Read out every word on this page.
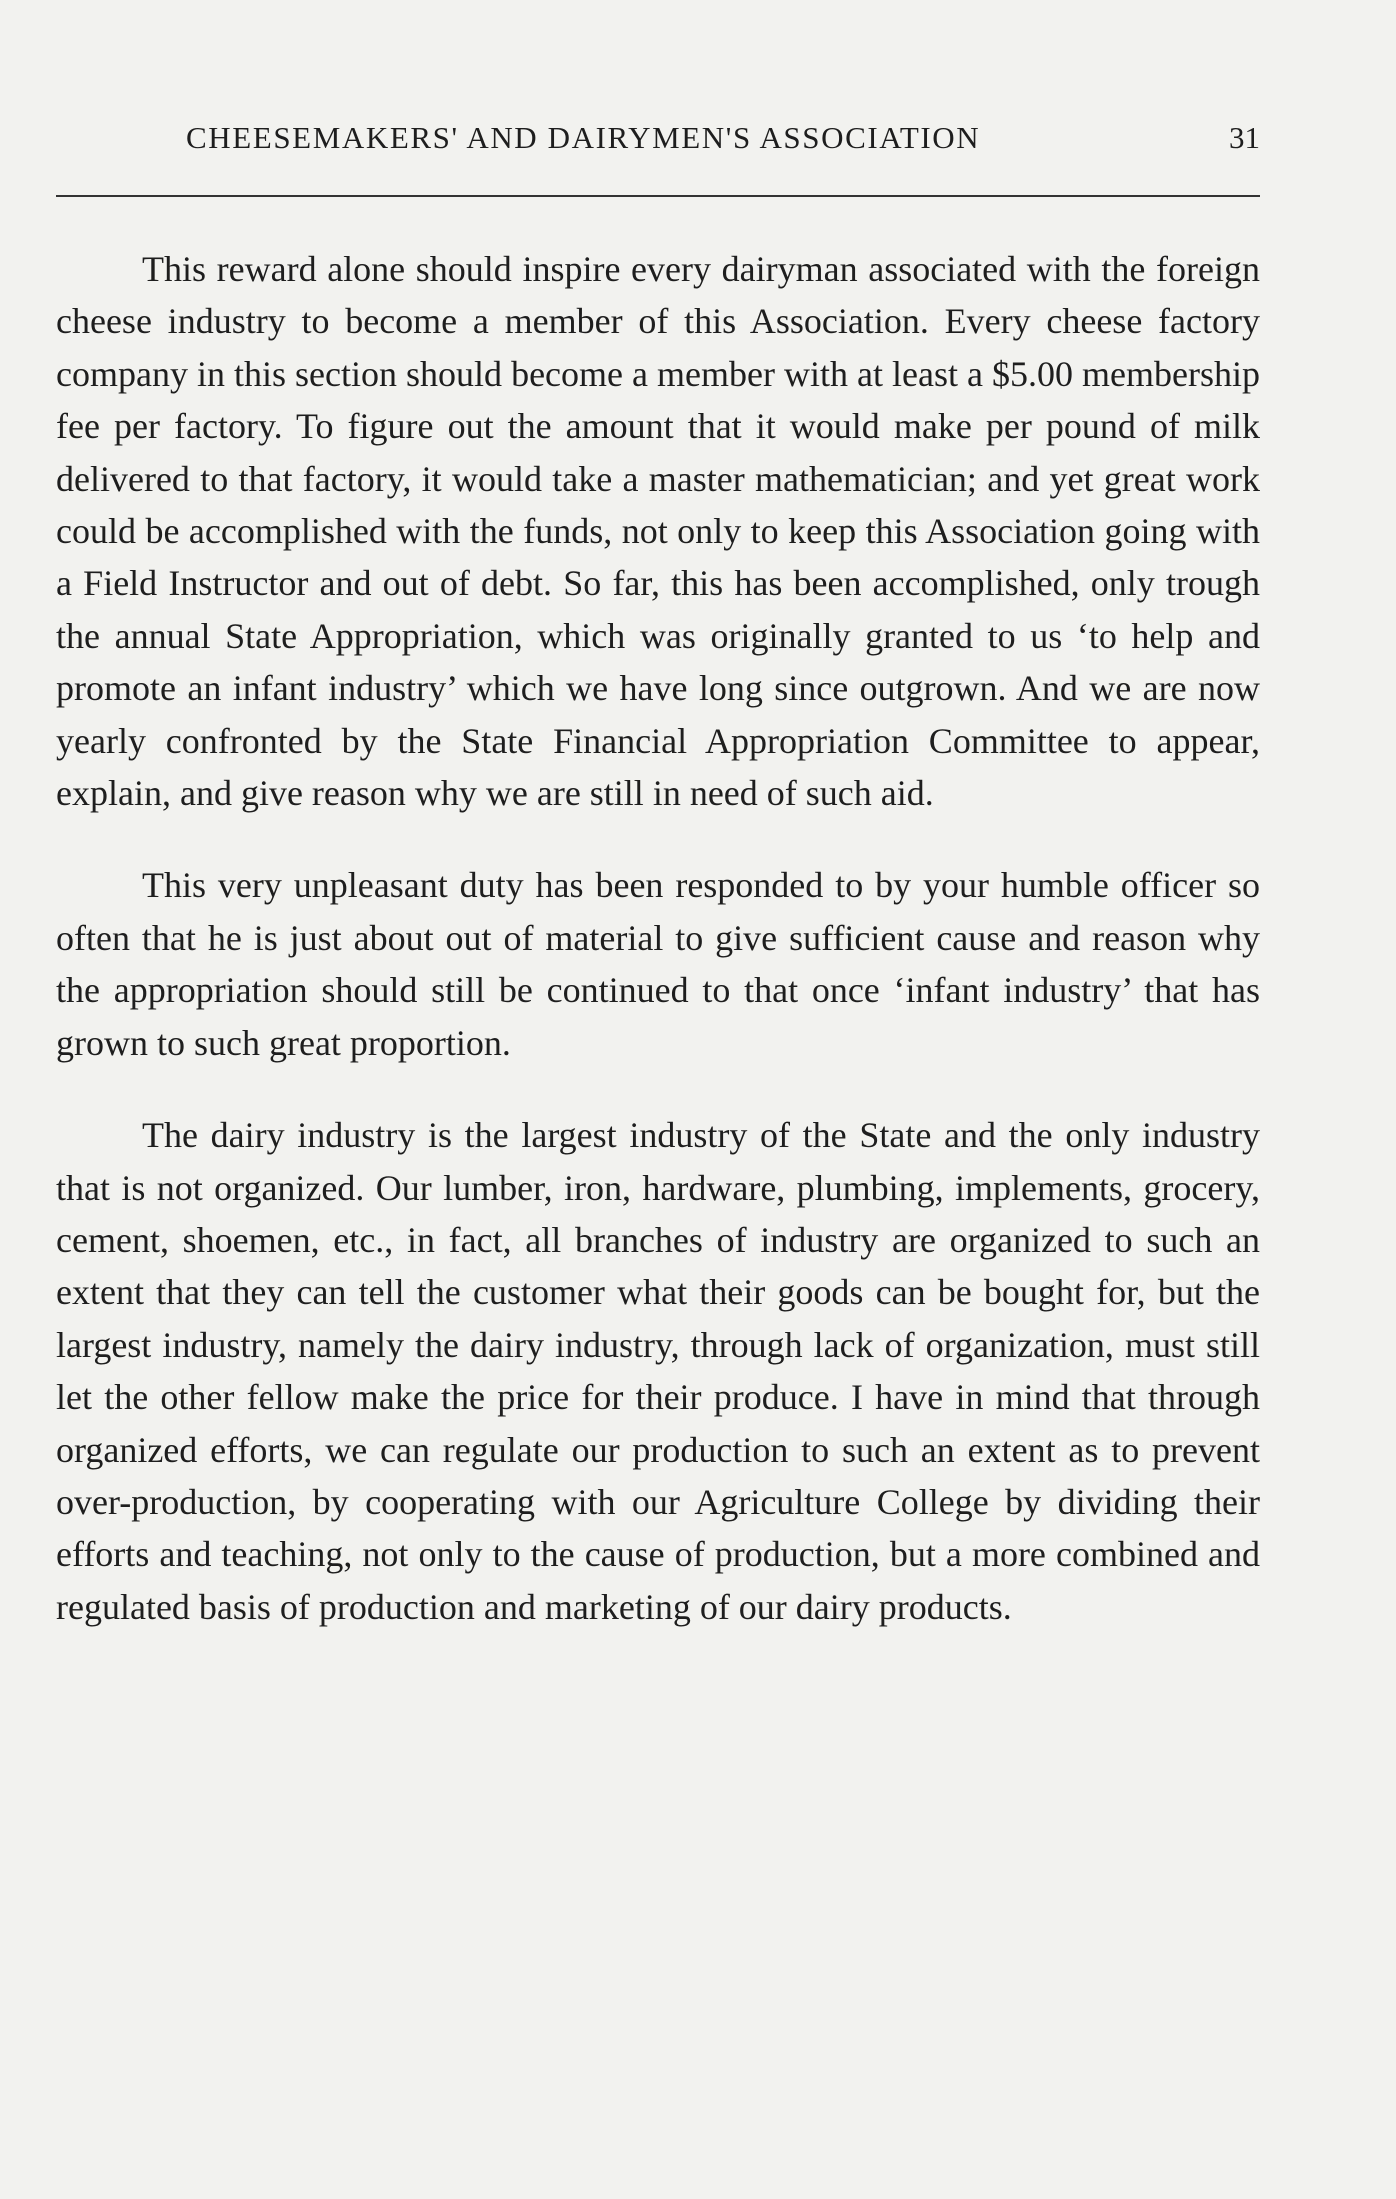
CHEESEMAKERS' AND DAIRYMEN'S ASSOCIATION	31

This reward alone should inspire every dairyman associated with the foreign cheese industry to become a member of this Association. Every cheese factory company in this section should become a member with at least a $5.00 membership fee per factory. To figure out the amount that it would make per pound of milk delivered to that factory, it would take a master mathematician; and yet great work could be accomplished with the funds, not only to keep this Association going with a Field Instructor and out of debt. So far, this has been accomplished, only trough the annual State Appropriation, which was originally granted to us ‘to help and promote an infant industry’ which we have long since outgrown. And we are now yearly confronted by the State Financial Appropriation Committee to appear, explain, and give reason why we are still in need of such aid.

This very unpleasant duty has been responded to by your humble officer so often that he is just about out of material to give sufficient cause and reason why the appropriation should still be continued to that once ‘infant industry’ that has grown to such great proportion.

The dairy industry is the largest industry of the State and the only industry that is not organized. Our lumber, iron, hardware, plumbing, implements, grocery, cement, shoemen, etc., in fact, all branches of industry are organized to such an extent that they can tell the customer what their goods can be bought for, but the largest industry, namely the dairy industry, through lack of organization, must still let the other fellow make the price for their produce. I have in mind that through organized efforts, we can regulate our production to such an extent as to prevent over-production, by cooperating with our Agriculture College by dividing their efforts and teaching, not only to the cause of production, but a more combined and regulated basis of production and marketing of our dairy products.
